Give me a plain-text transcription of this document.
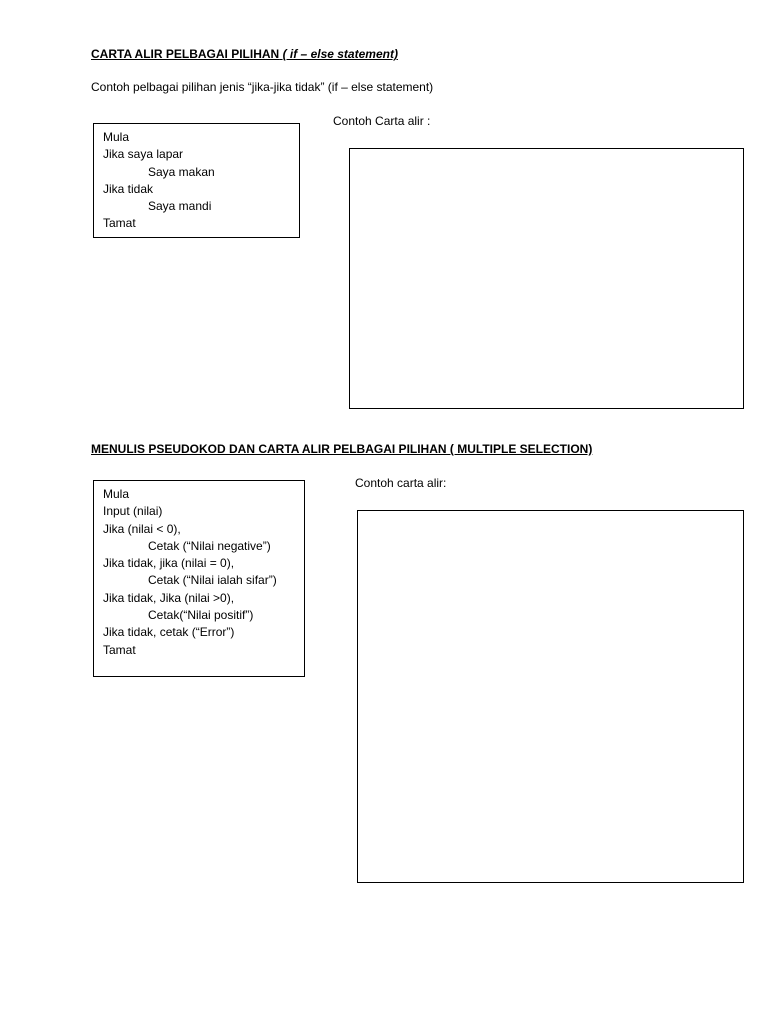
CARTA ALIR PELBAGAI PILIHAN ( if – else statement)
Contoh pelbagai pilihan jenis “jika-jika tidak” (if – else statement)
Mula
Jika saya lapar
Saya makan
Jika tidak
Saya mandi
Tamat
Contoh Carta alir :
MENULIS PSEUDOKOD DAN CARTA ALIR PELBAGAI PILIHAN ( MULTIPLE SELECTION)
Mula
Input (nilai)
Jika (nilai < 0),
Cetak (“Nilai negative”)
Jika tidak, jika (nilai = 0),
Cetak (“Nilai ialah sifar”)
Jika tidak, Jika (nilai >0),
Cetak(“Nilai positif”)
Jika tidak, cetak (“Error”)
Tamat
Contoh carta alir:
